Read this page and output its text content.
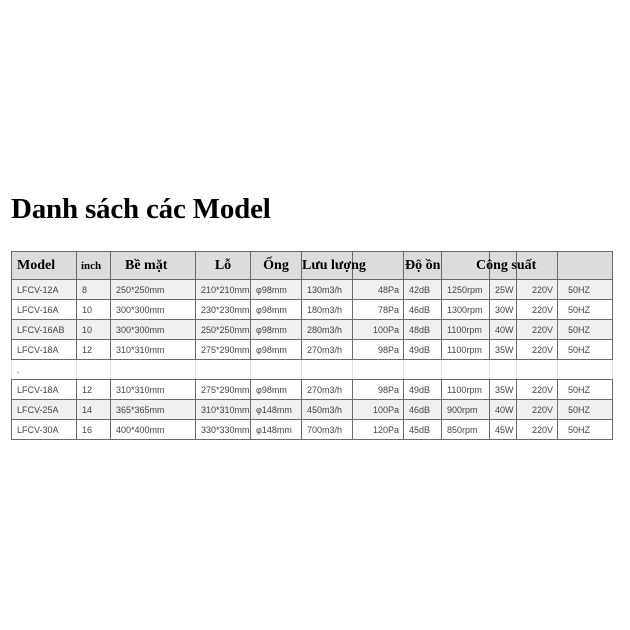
Danh sách các Model
Model	inch	Bề mặt	Lỗ	Ống	Lưu lượng		Độ ồn	Công suất			
LFCV-12A	8	250*250mm	210*210mm	φ98mm	130m3/h	48Pa	42dB	1250rpm	25W	220V	50HZ
LFCV-16A	10	300*300mm	230*230mm	φ98mm	180m3/h	78Pa	46dB	1300rpm	30W	220V	50HZ
LFCV-16AB	10	300*300mm	250*250mm	φ98mm	280m3/h	100Pa	48dB	1100rpm	40W	220V	50HZ
LFCV-18A	12	310*310mm	275*290mm	φ98mm	270m3/h	98Pa	49dB	1100rpm	35W	220V	50HZ
.											
LFCV-18A	12	310*310mm	275*290mm	φ98mm	270m3/h	98Pa	49dB	1100rpm	35W	220V	50HZ
LFCV-25A	14	365*365mm	310*310mm	φ148mm	450m3/h	100Pa	46dB	900rpm	40W	220V	50HZ
LFCV-30A	16	400*400mm	330*330mm	φ148mm	700m3/h	120Pa	45dB	850rpm	45W	220V	50HZ
